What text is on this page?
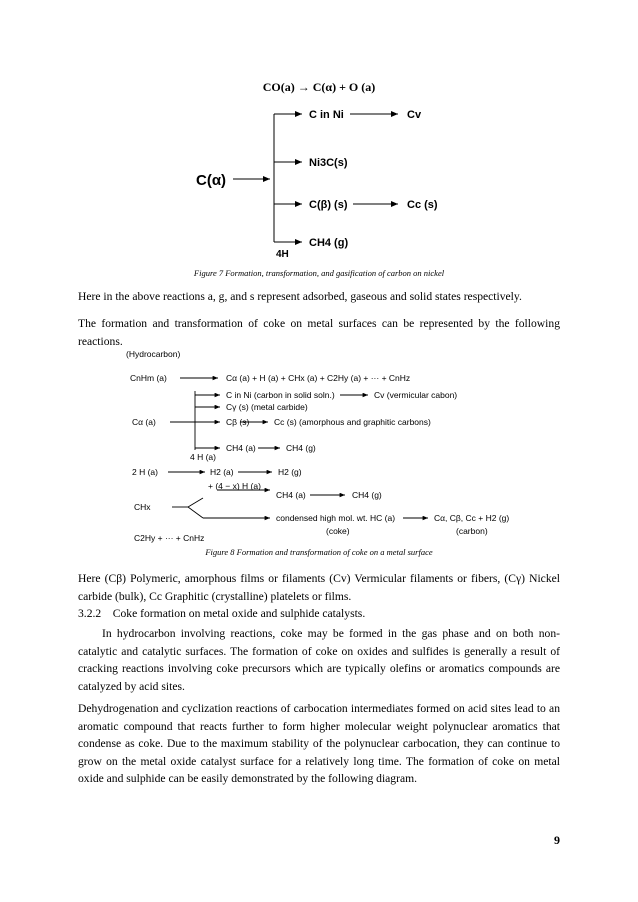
CO(a) → C(α) + O (a)
C(α)
C in Ni	Cv
Ni3C(s)
C(β) (s)	Cc (s)
CH4 (g)
4H
Figure 7 Formation, transformation, and gasification of carbon on nickel

Here in the above reactions a, g, and s represent adsorbed, gaseous and solid states respectively.

The formation and transformation of coke on metal surfaces can be represented by the following reactions.

(Hydrocarbon)
CnHm (a)	Cα (a) + H (a) + CHx (a) + C2Hy (a) + ··· + CnHz
C in Ni (carbon in solid soln.)	Cv (vermicular cabon)
Cγ (s) (metal carbide)
Cα (a)	Cβ (s)	Cc (s) (amorphous and graphitic carbons)
4 H (a)
CH4 (a)	CH4 (g)
2 H (a)	H2 (a)	H2 (g)
+ (4 − x) H (a)
CH4 (a)	CH4 (g)
CHx
condensed high mol. wt. HC (a)
(coke)
Cα, Cβ, Cc + H2 (g)
(carbon)
C2Hy + ··· + CnHz
Figure 8 Formation and transformation of coke on a metal surface

Here (Cβ) Polymeric, amorphous films or filaments (Cv) Vermicular filaments or fibers, (Cγ) Nickel carbide (bulk), Cc Graphitic (crystalline) platelets or films.

3.2.2 Coke formation on metal oxide and sulphide catalysts.

In hydrocarbon involving reactions, coke may be formed in the gas phase and on both non-catalytic and catalytic surfaces. The formation of coke on oxides and sulfides is generally a result of cracking reactions involving coke precursors which are typically olefins or aromatics compounds are catalyzed by acid sites.

Dehydrogenation and cyclization reactions of carbocation intermediates formed on acid sites lead to an aromatic compound that reacts further to form higher molecular weight polynuclear aromatics that condense as coke. Due to the maximum stability of the polynuclear carbocation, they can continue to grow on the metal oxide catalyst surface for a relatively long time. The formation of coke on metal oxide and sulphide can be easily demonstrated by the following diagram.

9
